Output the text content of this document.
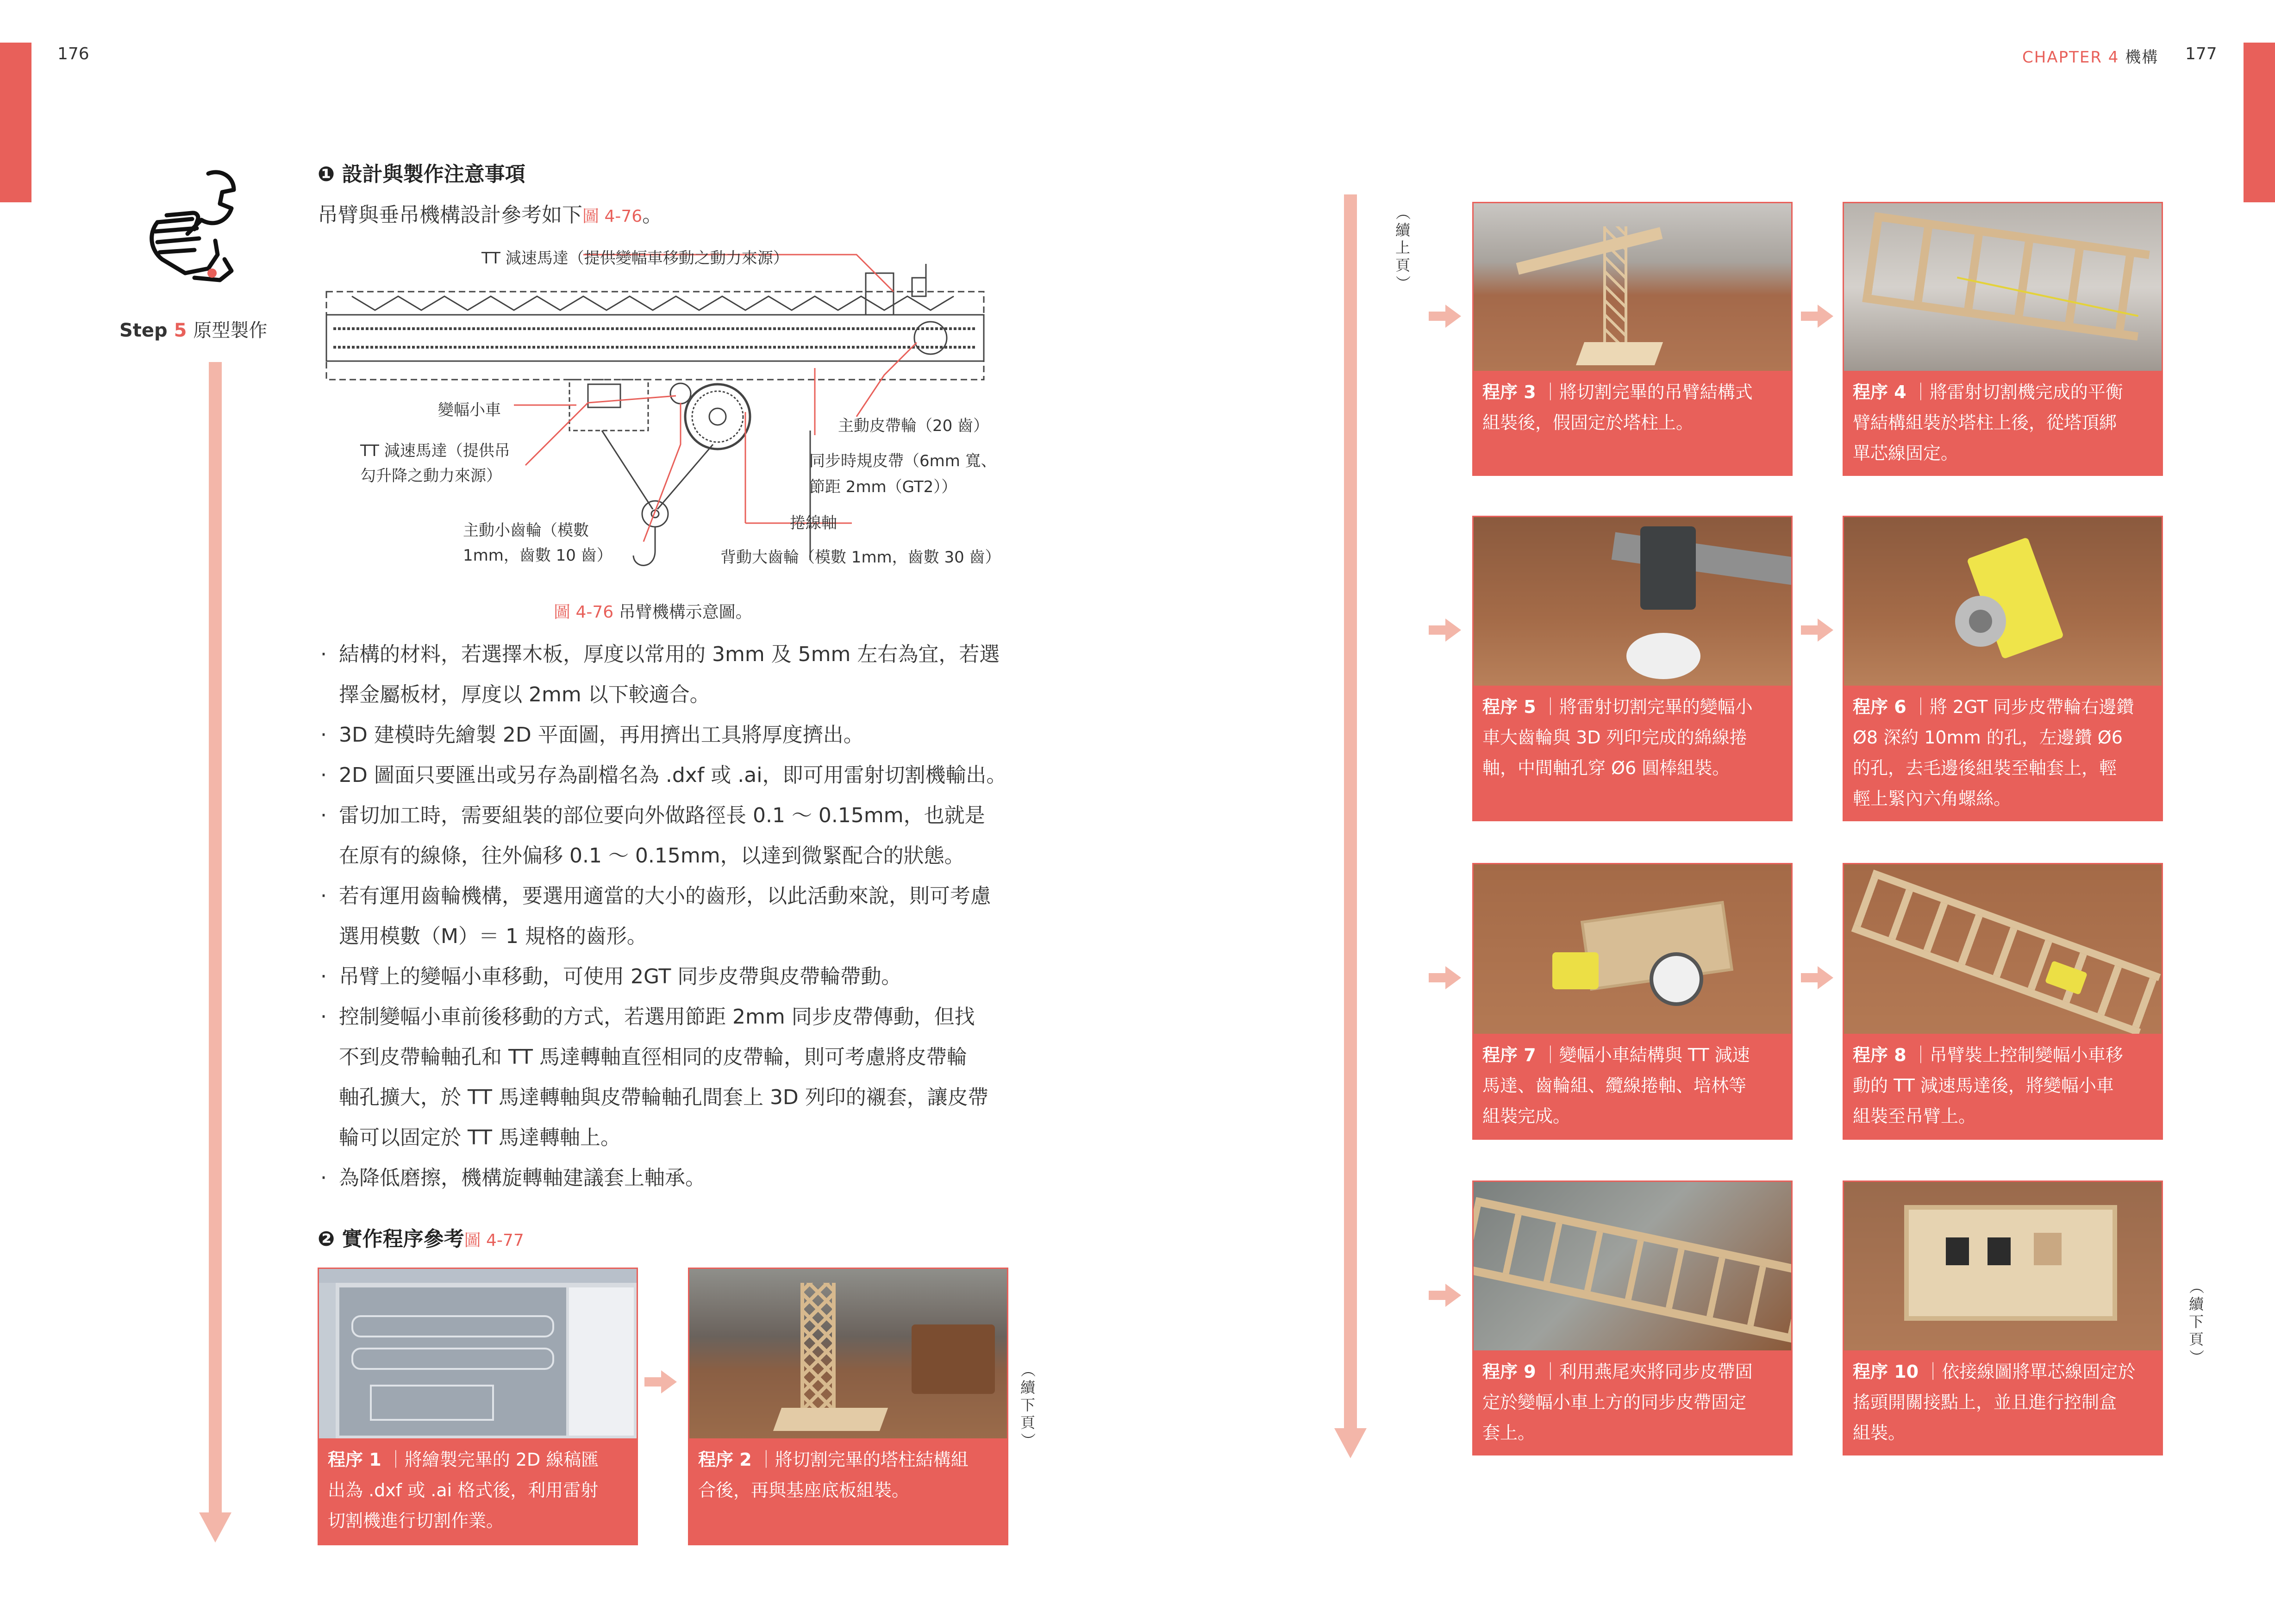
176	CHAPTER 4 機構 177
Step 5 原型製作
❶ 設計與製作注意事項
吊臂與垂吊機構設計參考如下圖 4-76。
TT 減速馬達（提供變幅車移動之動力來源）
變幅小車
TT 減速馬達（提供吊
勾升降之動力來源）
主動皮帶輪（20 齒）
同步時規皮帶（6mm 寬、
節距 2mm（GT2））
捲線軸
主動小齒輪（模數
1mm，齒數 10 齒）	背動大齒輪（模數 1mm，齒數 30 齒）
圖 4-76 吊臂機構示意圖。
· 結構的材料，若選擇木板，厚度以常用的 3mm 及 5mm 左右為宜，若選
擇金屬板材，厚度以 2mm 以下較適合。
· 3D 建模時先繪製 2D 平面圖，再用擠出工具將厚度擠出。
· 2D 圖面只要匯出或另存為副檔名為 .dxf 或 .ai，即可用雷射切割機輸出。
· 雷切加工時，需要組裝的部位要向外做路徑長 0.1 ～ 0.15mm，也就是
在原有的線條，往外偏移 0.1 ～ 0.15mm，以達到微緊配合的狀態。
· 若有運用齒輪機構，要選用適當的大小的齒形，以此活動來說，則可考慮
選用模數（M）＝ 1 規格的齒形。
· 吊臂上的變幅小車移動，可使用 2GT 同步皮帶與皮帶輪帶動。
· 控制變幅小車前後移動的方式，若選用節距 2mm 同步皮帶傳動，但找
不到皮帶輪軸孔和 TT 馬達轉軸直徑相同的皮帶輪，則可考慮將皮帶輪
軸孔擴大，於 TT 馬達轉軸與皮帶輪軸孔間套上 3D 列印的襯套，讓皮帶
輪可以固定於 TT 馬達轉軸上。
· 為降低磨擦，機構旋轉軸建議套上軸承。
❷ 實作程序參考圖 4-77
程序 1 ｜將繪製完畢的 2D 線稿匯
出為 .dxf 或 .ai 格式後，利用雷射
切割機進行切割作業。
程序 2 ｜將切割完畢的塔柱結構組
合後，再與基座底板組裝。
（
續
下
頁
）
（
續
上
頁
）
程序 3 ｜將切割完畢的吊臂結構式
組裝後，假固定於塔柱上。
程序 4 ｜將雷射切割機完成的平衡
臂結構組裝於塔柱上後，從塔頂綁
單芯線固定。
程序 5 ｜將雷射切割完畢的變幅小
車大齒輪與 3D 列印完成的綿線捲
軸，中間軸孔穿 Ø6 圓棒組裝。
程序 6 ｜將 2GT 同步皮帶輪右邊鑽
Ø8 深約 10mm 的孔，左邊鑽 Ø6
的孔，去毛邊後組裝至軸套上，輕
輕上緊內六角螺絲。
程序 7 ｜變幅小車結構與 TT 減速
馬達、齒輪組、纜線捲軸、培林等
組裝完成。
程序 8 ｜吊臂裝上控制變幅小車移
動的 TT 減速馬達後，將變幅小車
組裝至吊臂上。
程序 9 ｜利用燕尾夾將同步皮帶固
定於變幅小車上方的同步皮帶固定
套上。
程序 10 ｜依接線圖將單芯線固定於
搖頭開關接點上，並且進行控制盒
組裝。
（
續
下
頁
）
